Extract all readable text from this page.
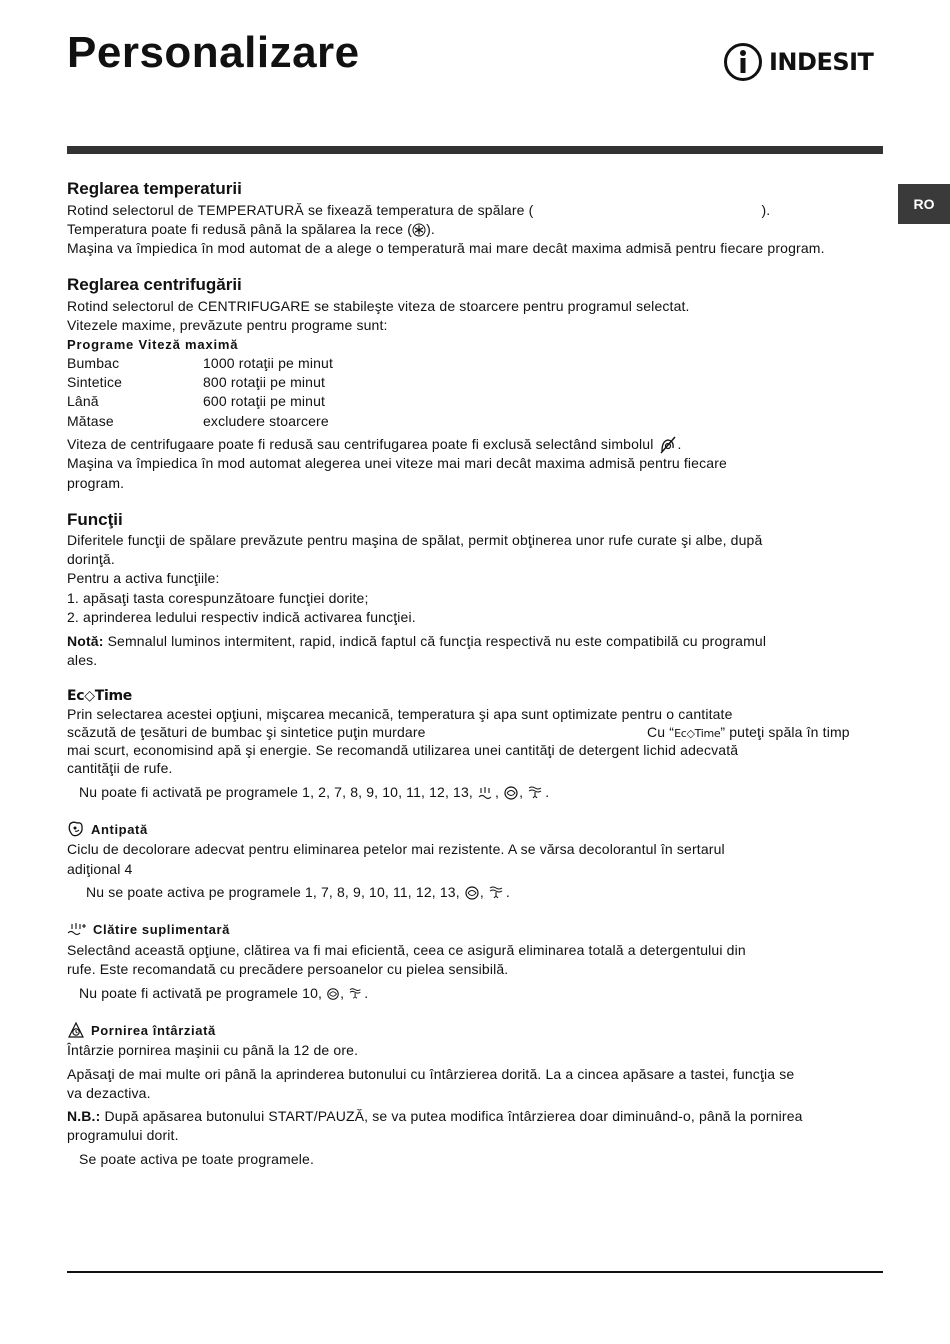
Personalizare	INDESIT
RO
Reglarea temperaturii
Rotind selectorul de TEMPERATURĂ se fixează temperatura de spălare (	).
Temperatura poate fi redusă până la spălarea la rece ( ).
Maşina va împiedica în mod automat de a alege o temperatură mai mare decât maxima admisă pentru fiecare program.
Reglarea centrifugării
Rotind selectorul de CENTRIFUGARE se stabileşte viteza de stoarcere pentru programul selectat.
Vitezele maxime, prevăzute pentru programe sunt:
Programe Viteză maximă
Bumbac	1000 rotaţii pe minut
Sintetice	800 rotaţii pe minut
Lână	600 rotaţii pe minut
Mătase	excludere stoarcere
Viteza de centrifugaare poate fi redusă sau centrifugarea poate fi exclusă selectând simbolul .
Maşina va împiedica în mod automat alegerea unei viteze mai mari decât maxima admisă pentru fiecare
program.
Funcţii
Diferitele funcţii de spălare prevăzute pentru maşina de spălat, permit obţinerea unor rufe curate şi albe, după
dorinţă.
Pentru a activa funcţiile:
1. apăsaţi tasta corespunzătoare funcţiei dorite;
2. aprinderea ledului respectiv indică activarea funcţiei.
Notă: Semnalul luminos intermitent, rapid, indică faptul că funcţia respectivă nu este compatibilă cu programul
ales.
Ec◇Time
Prin selectarea acestei opţiuni, mişcarea mecanică, temperatura şi apa sunt optimizate pentru o cantitate
scăzută de ţesături de bumbac şi sintetice puţin murdare	Cu “Ec◇Time” puteţi spăla în timp
mai scurt, economisind apă şi energie. Se recomandă utilizarea unei cantităţi de detergent lichid adecvată
cantităţii de rufe.
Nu poate fi activată pe programele 1, 2, 7, 8, 9, 10, 11, 12, 13, , , .
Antipată
Ciclu de decolorare adecvat pentru eliminarea petelor mai rezistente. A se vărsa decolorantul în sertarul
adiţional 4
Nu se poate activa pe programele 1, 7, 8, 9, 10, 11, 12, 13, , .
Clătire suplimentară
Selectând această opţiune, clătirea va fi mai eficientă, ceea ce asigură eliminarea totală a detergentului din
rufe. Este recomandată cu precădere persoanelor cu pielea sensibilă.
Nu poate fi activată pe programele 10, , .
Pornirea întârziată
Întârzie pornirea maşinii cu până la 12 de ore.
Apăsaţi de mai multe ori până la aprinderea butonului cu întârzierea dorită. La a cincea apăsare a tastei, funcţia se
va dezactiva.
N.B.: După apăsarea butonului START/PAUZĂ, se va putea modifica întârzierea doar diminuând-o, până la pornirea
programului dorit.
Se poate activa pe toate programele.
